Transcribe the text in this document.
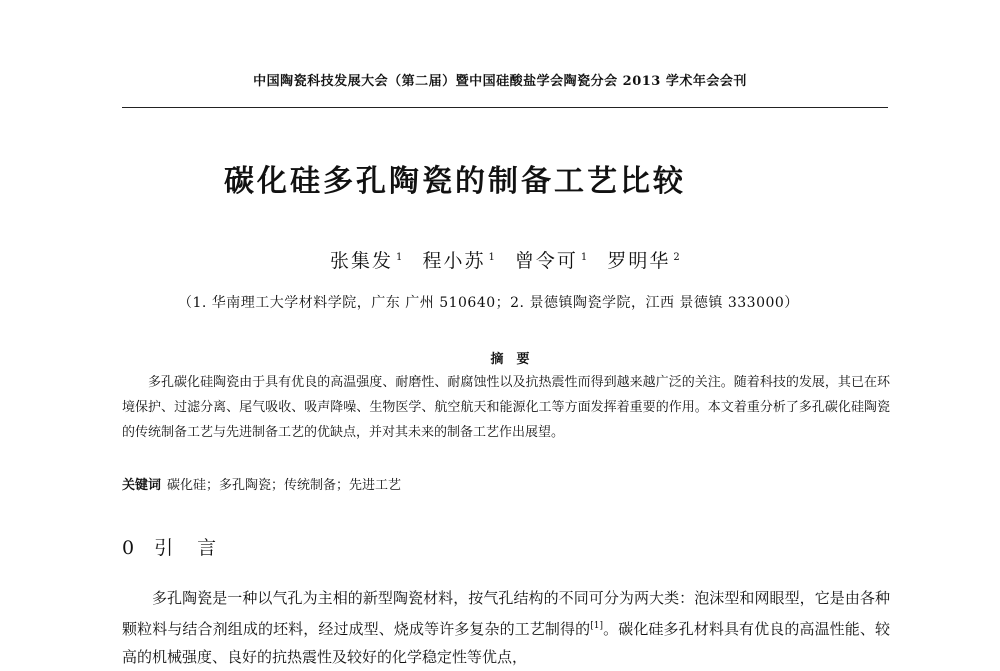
中国陶瓷科技发展大会（第二届）暨中国硅酸盐学会陶瓷分会 2013 学术年会会刊
碳化硅多孔陶瓷的制备工艺比较
张集发 $^1$ 程小苏 $^1$ 曾令可 $^1$ 罗明华 $^2$
（1. 华南理工大学材料学院，广东 广州 510640；2. 景德镇陶瓷学院，江西 景德镇 333000）
摘　要
多孔碳化硅陶瓷由于具有优良的高温强度、耐磨性、耐腐蚀性以及抗热震性而得到越来越广泛的关注。随着科技的发展，其已在环境保护、过滤分离、尾气吸收、吸声降噪、生物医学、航空航天和能源化工等方面发挥着重要的作用。本文着重分析了多孔碳化硅陶瓷的传统制备工艺与先进制备工艺的优缺点，并对其未来的制备工艺作出展望。
关键词 碳化硅；多孔陶瓷；传统制备；先进工艺
0 引言
多孔陶瓷是一种以气孔为主相的新型陶瓷材料，按气孔结构的不同可分为两大类：泡沫型和网眼型，它是由各种颗粒料与结合剂组成的坯料，经过成型、烧成等许多复杂的工艺制得的[1]。碳化硅多孔材料具有优良的高温性能、较高的机械强度、良好的抗热震性及较好的化学稳定性等优点，
